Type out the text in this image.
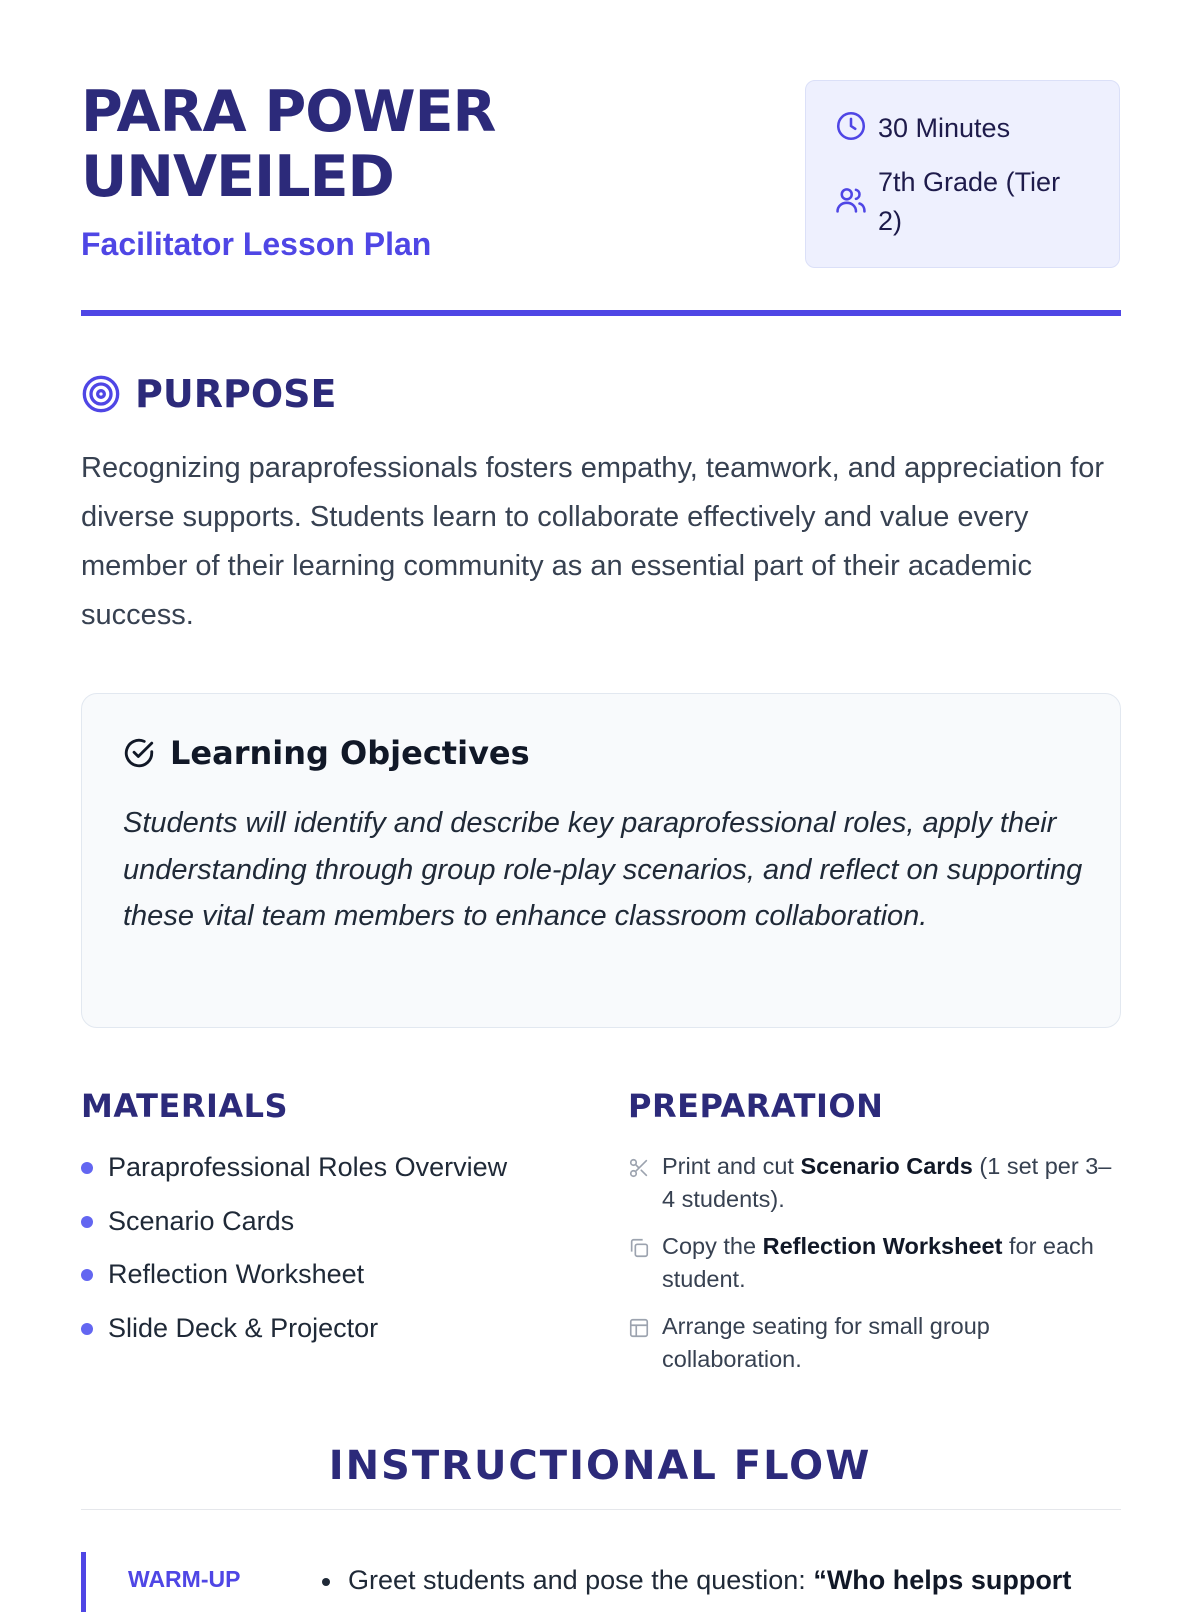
PARA POWER
UNVEILED
Facilitator Lesson Plan
30 Minutes
7th Grade (Tier 2)
PURPOSE

Recognizing paraprofessionals fosters empathy, teamwork, and appreciation for diverse supports. Students learn to collaborate effectively and value every member of their learning community as an essential part of their academic success.

Learning Objectives

Students will identify and describe key paraprofessional roles, apply their understanding through group role-play scenarios, and reflect on supporting these vital team members to enhance classroom collaboration.

MATERIALS
Paraprofessional Roles Overview
Scenario Cards
Reflection Worksheet
Slide Deck & Projector
PREPARATION
Print and cut Scenario Cards (1 set per 3–4 students).
Copy the Reflection Worksheet for each student.
Arrange seating for small group collaboration.
INSTRUCTIONAL FLOW
WARM-UP	Greet students and pose the question: “Who helps support
